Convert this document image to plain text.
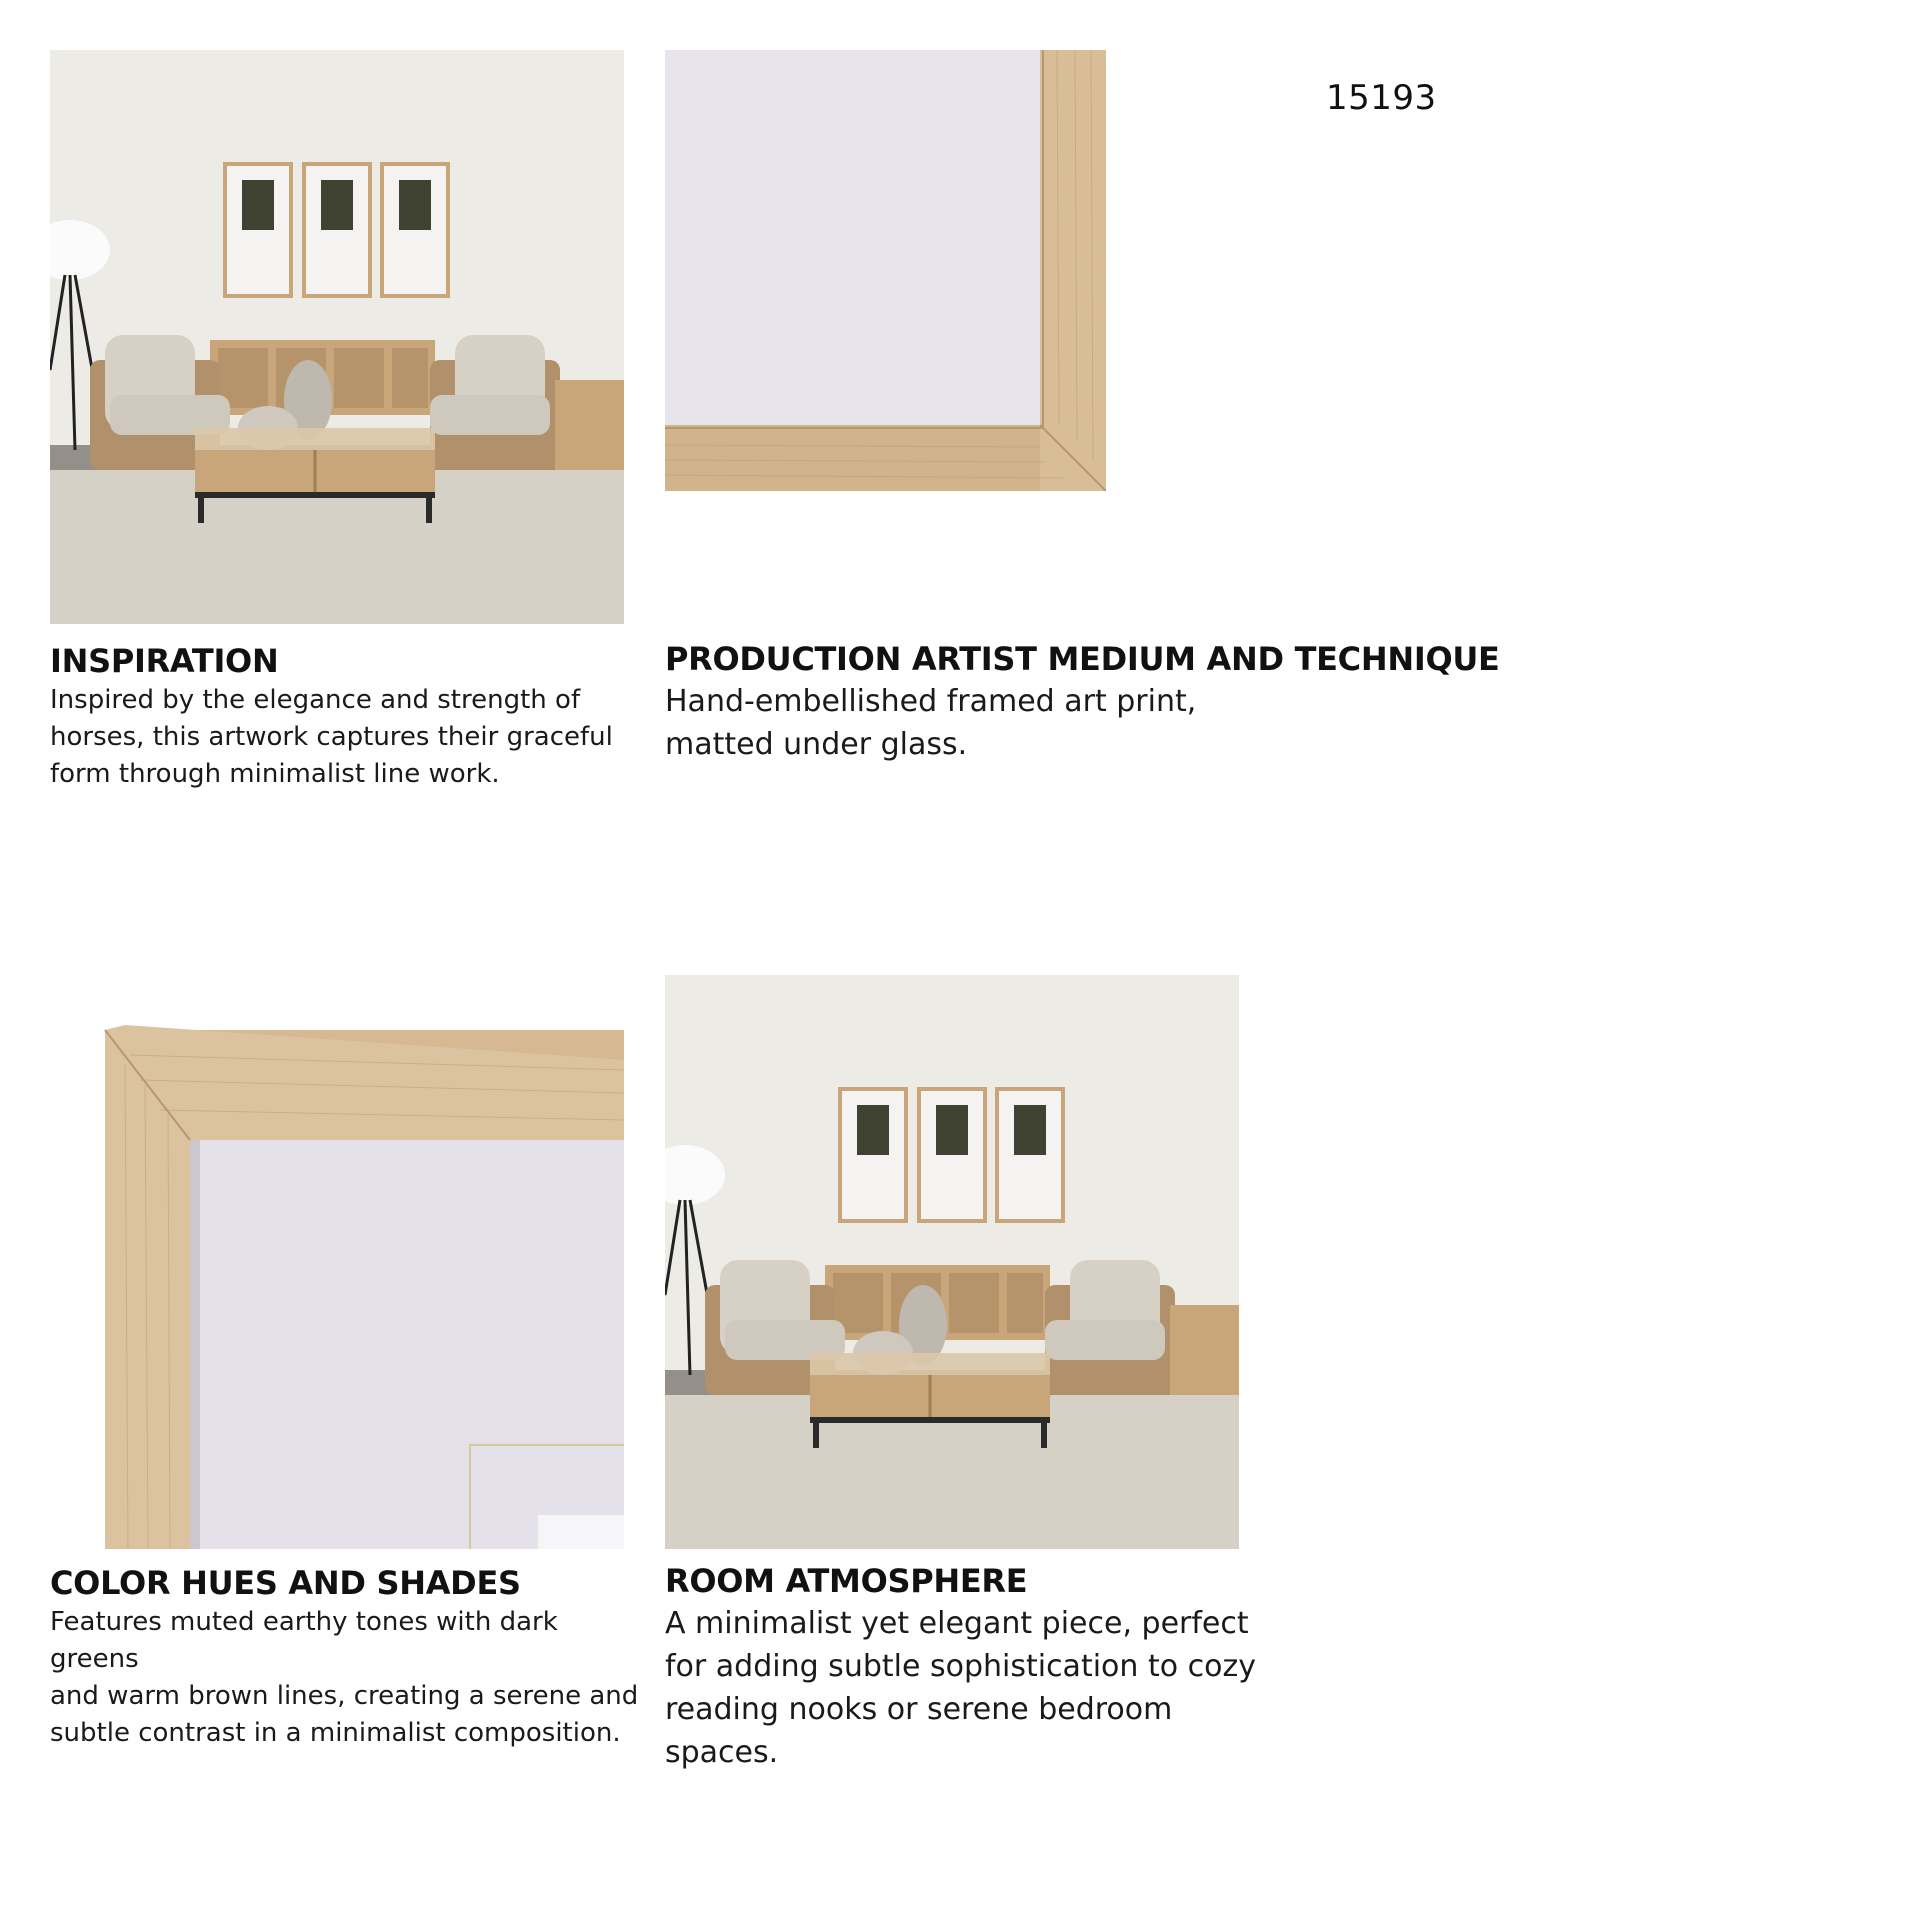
15193
INSPIRATION
Inspired by the elegance and strength of
horses, this artwork captures their graceful
form through minimalist line work.
PRODUCTION ARTIST MEDIUM AND TECHNIQUE
Hand-embellished framed art print,
matted under glass.
COLOR HUES AND SHADES
Features muted earthy tones with dark greens
and warm brown lines, creating a serene and
subtle contrast in a minimalist composition.
ROOM ATMOSPHERE
A minimalist yet elegant piece, perfect
for adding subtle sophistication to cozy
reading nooks or serene bedroom
spaces.
